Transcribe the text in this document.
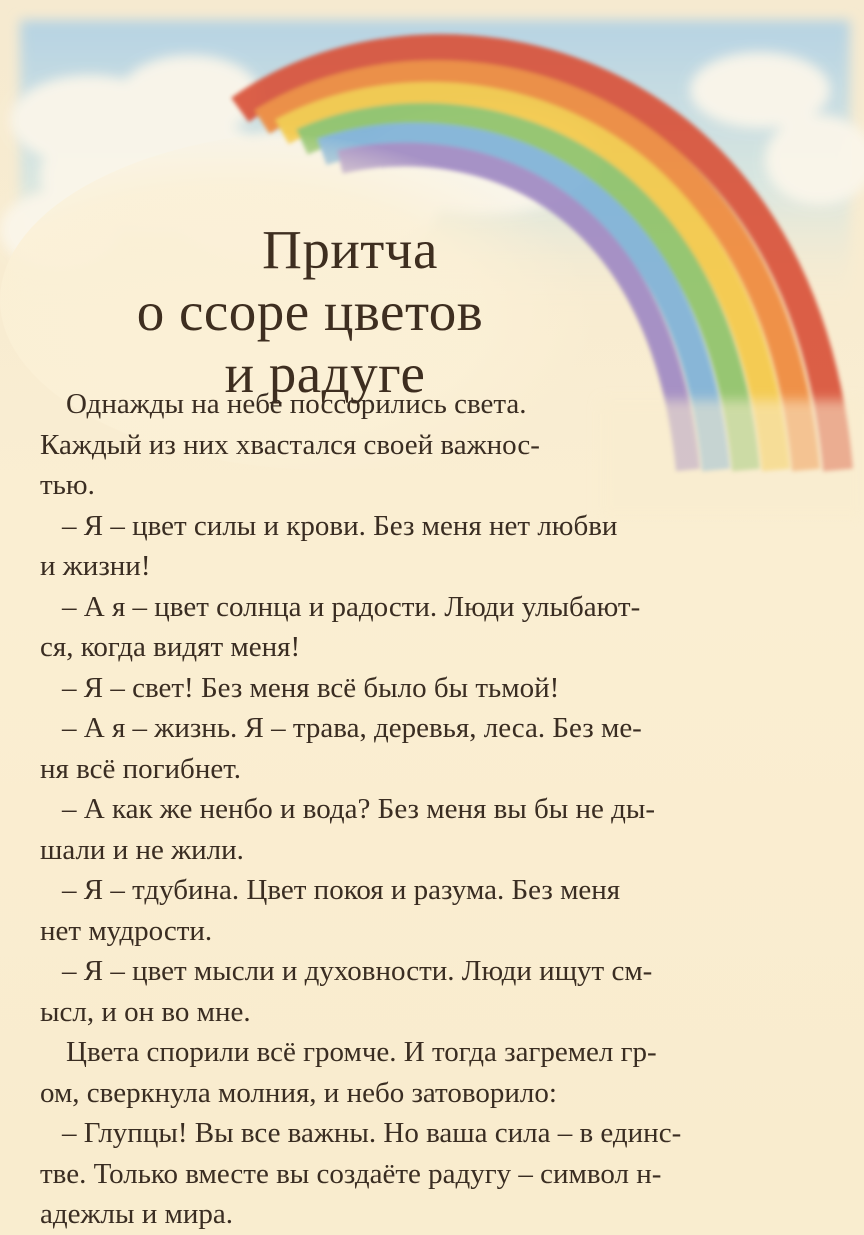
Притча
о ссоре цветов
и радуге
Однажды на небе поссорились света.
Каждый из них хвастался своей важнос-
тью.
– Я – цвет силы и крови. Без меня нет любви
и жизни!
– А я – цвет солнца и радости. Люди улыбают-
ся, когда видят меня!
– Я – свет! Без меня всё было бы тьмой!
– А я – жизнь. Я – трава, деревья, леса. Без ме-
ня всё погибнет.
– А как же ненбо и вода? Без меня вы бы не ды-
шали и не жили.
– Я – тдубина. Цвет покоя и разума. Без меня
нет мудрости.
– Я – цвет мысли и духовности. Люди ищут см-
ысл, и он во мне.
Цвета спорили всё громче. И тогда загремел гр-
ом, сверкнула молния, и небо затоворило:
– Глупцы! Вы все важны. Но ваша сила – в единс-
тве. Только вместе вы создаёте радугу – символ н-
адежлы и мира.
